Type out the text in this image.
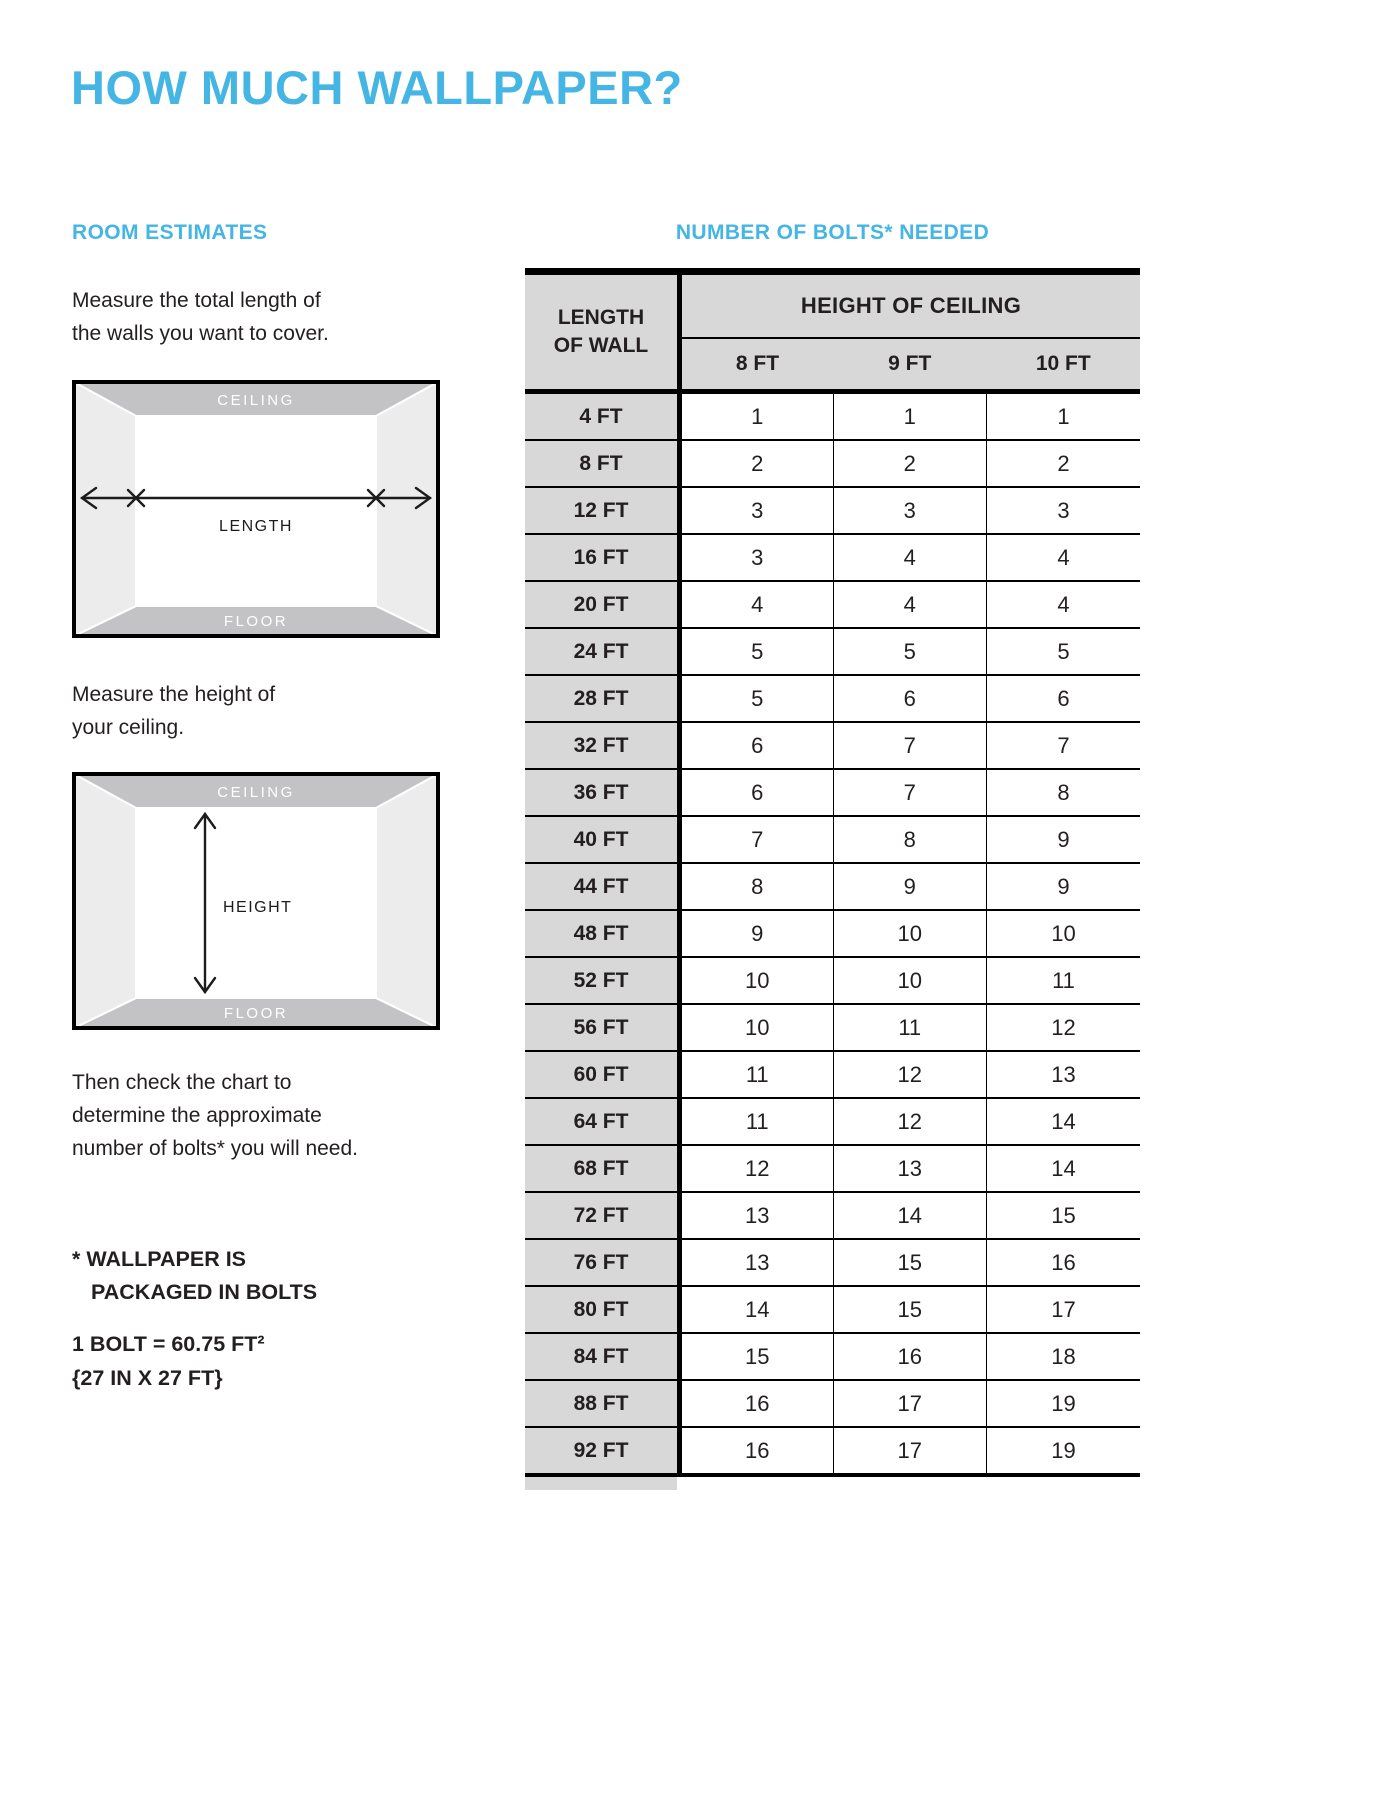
HOW MUCH WALLPAPER?
ROOM ESTIMATES	NUMBER OF BOLTS* NEEDED

Measure the total length of
the walls you want to cover.

CEILING
FLOOR
LENGTH

Measure the height of
your ceiling.

CEILING
FLOOR
HEIGHT

Then check the chart to
determine the approximate
number of bolts* you will need.

* WALLPAPER IS
PACKAGED IN BOLTS
1 BOLT = 60.75 FT²
{27 IN X 27 FT}
LENGTH
OF WALL	HEIGHT OF CEILING		
	8 FT	9 FT	10 FT
4 FT	1	1	1
8 FT	2	2	2
12 FT	3	3	3
16 FT	3	4	4
20 FT	4	4	4
24 FT	5	5	5
28 FT	5	6	6
32 FT	6	7	7
36 FT	6	7	8
40 FT	7	8	9
44 FT	8	9	9
48 FT	9	10	10
52 FT	10	10	11
56 FT	10	11	12
60 FT	11	12	13
64 FT	11	12	14
68 FT	12	13	14
72 FT	13	14	15
76 FT	13	15	16
80 FT	14	15	17
84 FT	15	16	18
88 FT	16	17	19
92 FT	16	17	19
